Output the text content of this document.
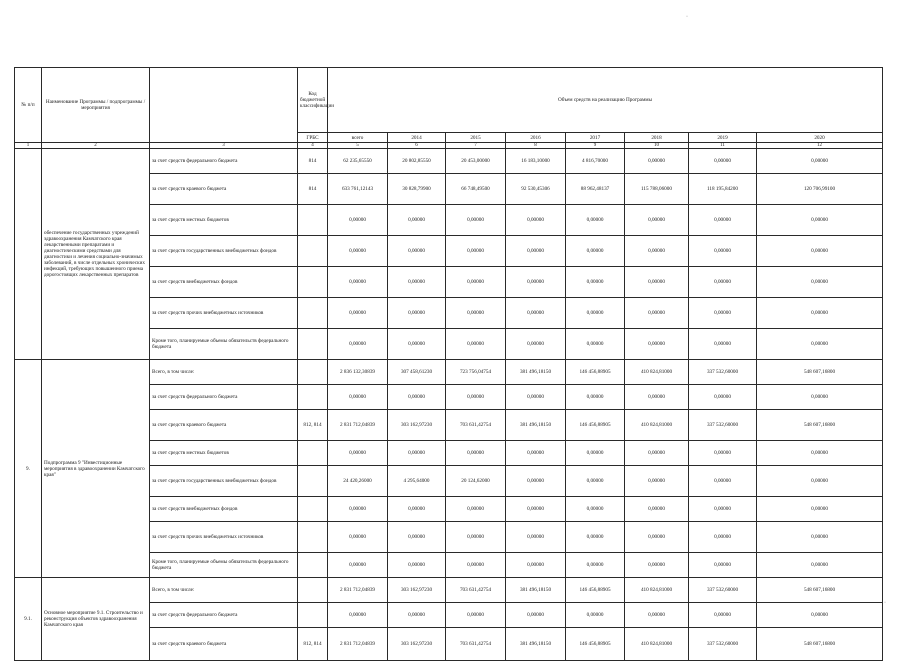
·
·
№ п/п	Наименование Программы / подпрограммы / мероприятия		Код бюджетной классификации	Объем средств на реализацию Программы							
			ГРБС	всего	2014	2015	2016	2017	2018	2019	2020
1	2	3	4	5	6	7	8	9	10	11	12
	обеспечение государственных учреждений здравоохранения Камчатского края лекарственными препаратами и диагностическими средствами для диагностики и лечения социально-значимых заболеваний, в числе отдельных хронических инфекций, требующих повышенного приема дорогостоящих лекарственных препаратов	за счет средств федерального бюджета	814	62 235,65550	20 802,85550	20 453,00000	16 183,10000	4 816,70000	0,00000	0,00000	0,00000
		за счет средств краевого бюджета	814	633 761,12143	30 828,79900	66 748,49500	92 530,45306	88 962,48137	115 788,06000	118 195,84200	120 706,99100
		за счет средств местных бюджетов		0,00000	0,00000	0,00000	0,00000	0,00000	0,00000	0,00000	0,00000
		за счет средств государственных внебюджетных фондов		0,00000	0,00000	0,00000	0,00000	0,00000	0,00000	0,00000	0,00000
		за счет средств внебюджетных фондов		0,00000	0,00000	0,00000	0,00000	0,00000	0,00000	0,00000	0,00000
		за счет средств прочих внебюджетных источников		0,00000	0,00000	0,00000	0,00000	0,00000	0,00000	0,00000	0,00000
		Кроме того, планируемые объемы обязательств федерального бюджета		0,00000	0,00000	0,00000	0,00000	0,00000	0,00000	0,00000	0,00000
9.	Подпрограмма 9 "Инвестиционные мероприятия в здравоохранении Камчатского края"	Всего, в том числе:		2 836 132,30839	307 458,61230	723 756,04754	381 496,18150	146 456,88905	410 824,81000	337 532,60000	548 607,16800
		за счет средств федерального бюджета		0,00000	0,00000	0,00000	0,00000	0,00000	0,00000	0,00000	0,00000
		за счет средств краевого бюджета	812, 814	2 831 712,04839	303 162,97230	703 631,42754	381 496,18150	146 456,88905	410 824,81000	337 532,60000	548 607,16800
		за счет средств местных бюджетов		0,00000	0,00000	0,00000	0,00000	0,00000	0,00000	0,00000	0,00000
		за счет средств государственных внебюджетных фондов		24 420,26000	4 295,64000	20 124,62000	0,00000	0,00000	0,00000	0,00000	0,00000
		за счет средств внебюджетных фондов		0,00000	0,00000	0,00000	0,00000	0,00000	0,00000	0,00000	0,00000
		за счет средств прочих внебюджетных источников		0,00000	0,00000	0,00000	0,00000	0,00000	0,00000	0,00000	0,00000
		Кроме того, планируемые объемы обязательств федерального бюджета		0,00000	0,00000	0,00000	0,00000	0,00000	0,00000	0,00000	0,00000
9.1.	Основное мероприятие 9.1. Строительство и реконструкция объектов здравоохранения Камчатского края	Всего, в том числе:		2 831 712,04839	303 162,97230	703 631,42754	381 496,18150	146 456,88905	410 824,81000	337 532,60000	548 607,16800
		за счет средств федерального бюджета		0,00000	0,00000	0,00000	0,00000	0,00000	0,00000	0,00000	0,00000
		за счет средств краевого бюджета	812, 814	2 831 712,04839	303 162,97230	703 631,42754	381 496,18150	146 456,88905	410 824,81000	337 532,60000	548 607,16800
